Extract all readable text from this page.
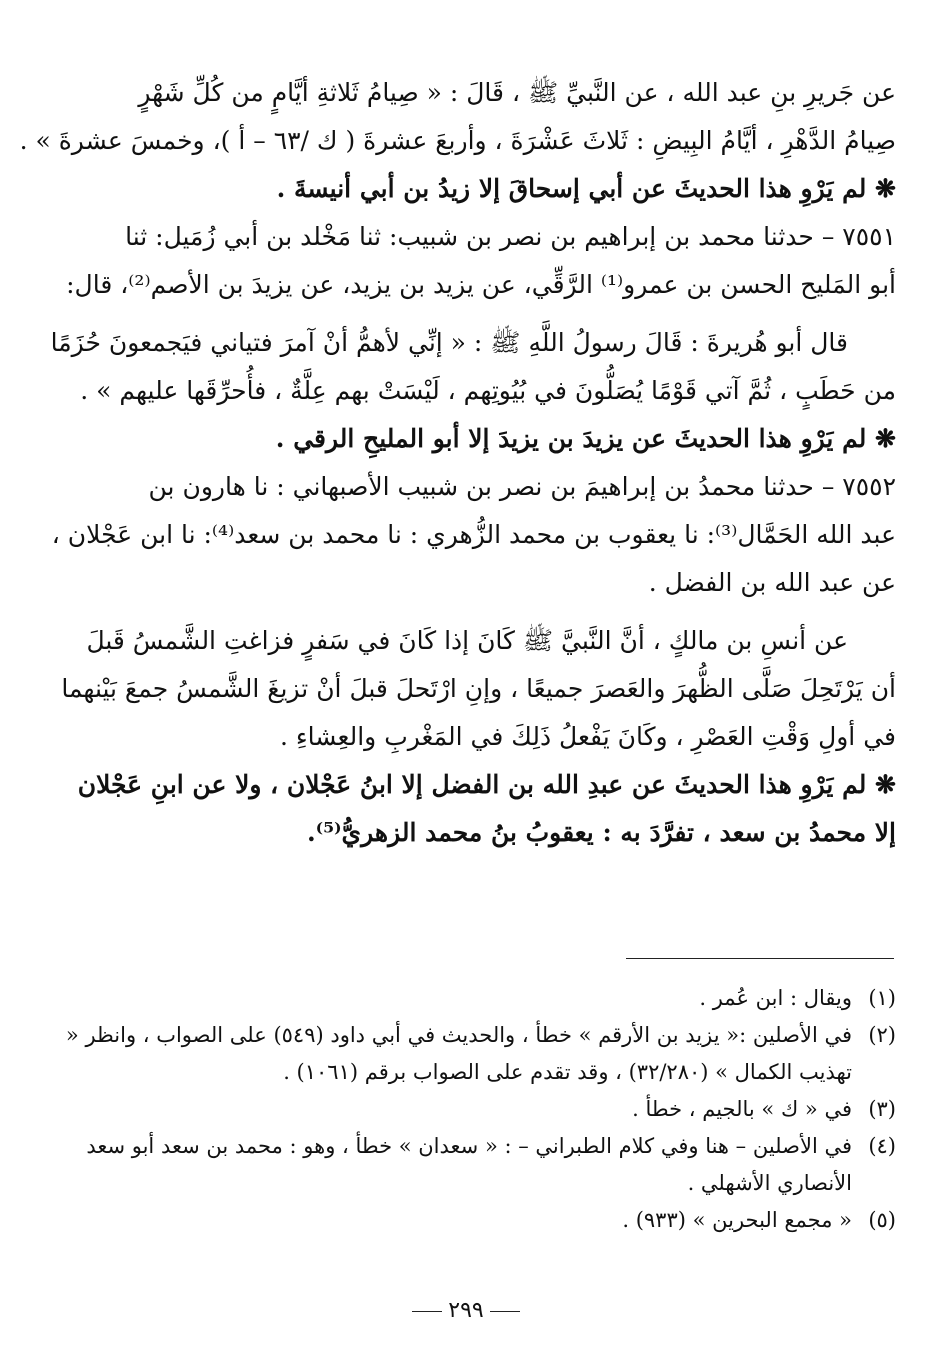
عن جَريرِ بنِ عبد الله ، عن النَّبيِّ ﷺ ، قَالَ : « صِيامُ ثَلاثةِ أيَّامٍ من كُلِّ شَهْرٍ
صِيامُ الدَّهْرِ ، أيَّامُ البِيضِ : ثَلاثَ عَشْرَةَ ، وأربعَ عشرةَ ( ك /٦٣ – أ )، وخمسَ عشرةَ » .
❋ لم يَرْوِ هذا الحديثَ عن أبي إسحاقَ إلا زيدُ بن أبي أنيسةَ .
٧٥٥١ – حدثنا محمد بن إبراهيم بن نصر بن شبيب: ثنا مَخْلد بن أبي زُمَيل: ثنا
أبو المَليح الحسن بن عمرو⁽¹⁾ الرَّقِّي، عن يزيد بن يزيد، عن يزيدَ بن الأصم⁽²⁾، قال:
قال أبو هُريرةَ : قَالَ رسولُ اللَّهِ ﷺ : « إنِّي لأهمُّ أنْ آمرَ فتياني فيَجمعونَ حُزَمًا
من حَطَبٍ ، ثُمَّ آتي قَوْمًا يُصَلُّونَ في بُيُوتِهم ، لَيْسَتْ بهم عِلَّةٌ ، فأُحرِّقَها عليهم » .
❋ لم يَرْوِ هذا الحديثَ عن يزيدَ بن يزيدَ إلا أبو المليحِ الرقي .
٧٥٥٢ – حدثنا محمدُ بن إبراهيمَ بن نصر بن شبيب الأصبهاني : نا هارون بن
عبد الله الحَمَّال⁽³⁾: نا يعقوب بن محمد الزُّهري : نا محمد بن سعد⁽⁴⁾: نا ابن عَجْلان ،
عن عبد الله بن الفضل .
عن أنسِ بن مالكٍ ، أنَّ النَّبيَّ ﷺ كَانَ إذا كَانَ في سَفرٍ فزاغتِ الشَّمسُ قَبلَ
أن يَرْتَحِلَ صَلَّى الظُّهرَ والعَصرَ جميعًا ، وإنِ ارْتَحلَ قبلَ أنْ تزيغَ الشَّمسُ جمعَ بَيْنهما
في أولِ وَقْتِ العَصْرِ ، وكَانَ يَفْعلُ ذَلِكَ في المَغْربِ والعِشاءِ .
❋ لم يَرْوِ هذا الحديثَ عن عبدِ الله بن الفضل إلا ابنُ عَجْلان ، ولا عن ابنِ عَجْلان
إلا محمدُ بن سعد ، تفرَّدَ به : يعقوبُ بنُ محمد الزهريُّ⁽⁵⁾.
(١)
ويقال : ابن عُمر .
(٢)
في الأصلين :« يزيد بن الأرقم » خطأ ، والحديث في أبي داود (٥٤٩) على الصواب ، وانظر « تهذيب الكمال » (٣٢/٢٨٠) ، وقد تقدم على الصواب برقم (١٠٦١) .
(٣)
في « ك » بالجيم ، خطأ .
(٤)
في الأصلين – هنا وفي كلام الطبراني – : « سعدان » خطأ ، وهو : محمد بن سعد أبو سعد الأنصاري الأشهلي .
(٥)
« مجمع البحرين » (٩٣٣) .
٢٩٩
